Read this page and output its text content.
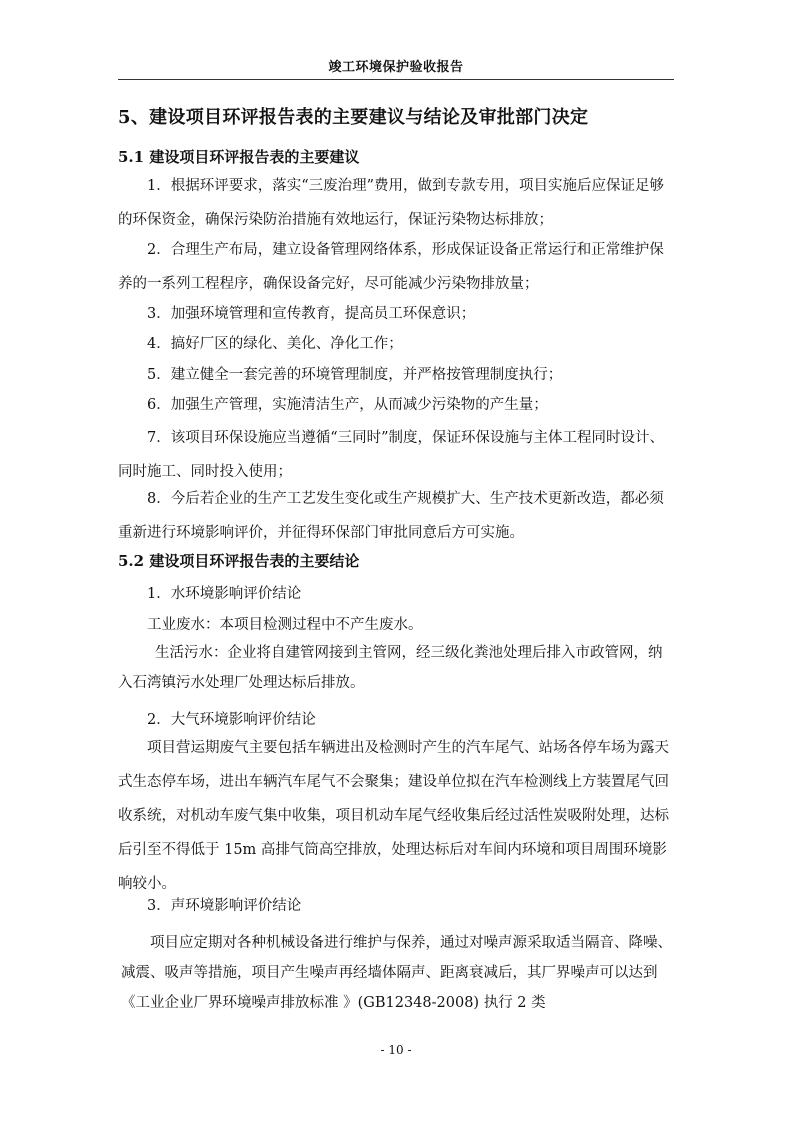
竣工环境保护验收报告
5、建设项目环评报告表的主要建议与结论及审批部门决定
5.1 建设项目环评报告表的主要建议

1．根据环评要求，落实“三废治理”费用，做到专款专用，项目实施后应保证足够的环保资金，确保污染防治措施有效地运行，保证污染物达标排放；

2．合理生产布局，建立设备管理网络体系，形成保证设备正常运行和正常维护保养的一系列工程程序，确保设备完好，尽可能减少污染物排放量；

3．加强环境管理和宣传教育，提高员工环保意识；

4．搞好厂区的绿化、美化、净化工作；

5．建立健全一套完善的环境管理制度，并严格按管理制度执行；

6．加强生产管理，实施清洁生产，从而减少污染物的产生量；

7．该项目环保设施应当遵循“三同时”制度，保证环保设施与主体工程同时设计、同时施工、同时投入使用；

8．今后若企业的生产工艺发生变化或生产规模扩大、生产技术更新改造，都必须重新进行环境影响评价，并征得环保部门审批同意后方可实施。

5.2 建设项目环评报告表的主要结论

1．水环境影响评价结论

工业废水：本项目检测过程中不产生废水。

生活污水：企业将自建管网接到主管网，经三级化粪池处理后排入市政管网，纳入石湾镇污水处理厂处理达标后排放。

2．大气环境影响评价结论

项目营运期废气主要包括车辆进出及检测时产生的汽车尾气、站场各停车场为露天式生态停车场，进出车辆汽车尾气不会聚集；建设单位拟在汽车检测线上方装置尾气回收系统，对机动车废气集中收集，项目机动车尾气经收集后经过活性炭吸附处理，达标后引至不得低于 15m 高排气筒高空排放，处理达标后对车间内环境和项目周围环境影响较小。

3．声环境影响评价结论

项目应定期对各种机械设备进行维护与保养，通过对噪声源采取适当隔音、降噪、减震、吸声等措施，项目产生噪声再经墙体隔声、距离衰减后，其厂界噪声可以达到《工业企业厂界环境噪声排放标准 》(GB12348-2008) 执行 2 类

- 10 -
